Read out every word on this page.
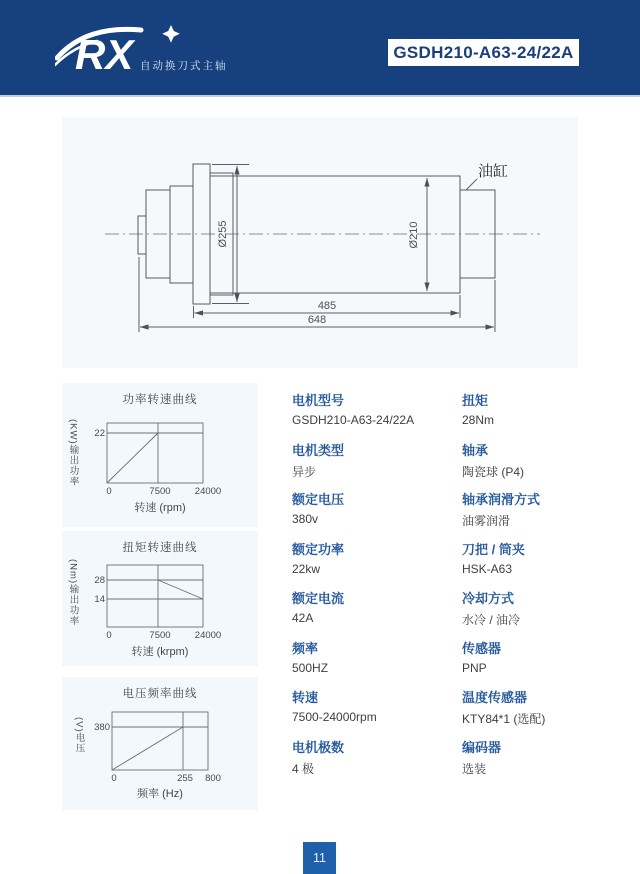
RX 自动换刀式主轴
GSDH210-A63-24/22A
Ø255	Ø210
485
648
油缸
功率转速曲线
(KW)输出功率 22
0	7500	24000
转速 (rpm)
扭矩转速曲线
(Nm)输出功率 28
14
0	7500	24000
转速 (krpm)
电压频率曲线
(V)电压 380
0	255 800
频率 (Hz)
电机型号
GSDH210-A63-24/22A
电机类型
异步
额定电压
380v
额定功率
22kw
额定电流
42A
频率
500HZ
转速
7500-24000rpm
电机极数
4 极
扭矩
28Nm
轴承
陶瓷球 (P4)
轴承润滑方式
油雾润滑
刀把 / 筒夹
HSK-A63
冷却方式
水冷 / 油冷
传感器
PNP
温度传感器
KTY84*1 (选配)
编码器
选装
11
